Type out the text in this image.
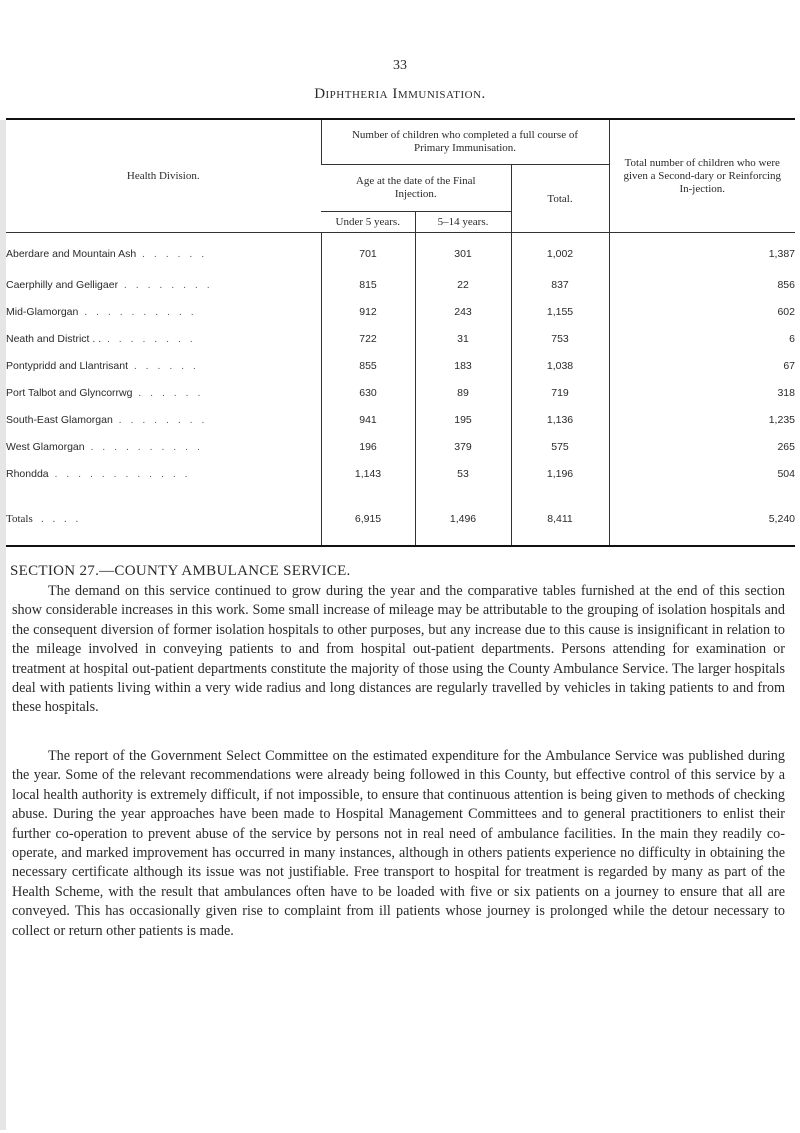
33
Diphtheria Immunisation.
Health Division.	Number of children who completed a full course of Primary Immunisation.			Total number of children who were given a Second-dary or Reinforcing In-jection.
	Age at the date of the Final Injection.		Total.	
	Under 5 years.	5–14 years.		
Aberdare and Mountain Ash . . . . . .	701	301	1,002	1,387
Caerphilly and Gelligaer . . . . . . . .	815	22	837	856
Mid-Glamorgan . . . . . . . . . .	912	243	1,155	602
Neath and District . . . . . . . . . .	722	31	753	6
Pontypridd and Llantrisant . . . . . .	855	183	1,038	67
Port Talbot and Glyncorrwg . . . . . .	630	89	719	318
South-East Glamorgan . . . . . . . .	941	195	1,136	1,235
West Glamorgan . . . . . . . . . .	196	379	575	265
Rhondda . . . . . . . . . . . .	1,143	53	1,196	504
Totals . . . .	6,915	1,496	8,411	5,240
SECTION 27.—COUNTY AMBULANCE SERVICE.

The demand on this service continued to grow during the year and the comparative tables furnished at the end of this section show considerable increases in this work. Some small increase of mileage may be attributable to the grouping of isolation hospitals and the consequent diversion of former isolation hospitals to other purposes, but any increase due to this cause is insignificant in relation to the mileage involved in conveying patients to and from hospital out-patient departments. Persons attending for examination or treatment at hospital out-patient departments constitute the majority of those using the County Ambulance Service. The larger hospitals deal with patients living within a very wide radius and long distances are regularly travelled by vehicles in taking patients to and from these hospitals.

The report of the Government Select Committee on the estimated expenditure for the Ambulance Service was published during the year. Some of the relevant recommendations were already being followed in this County, but effective control of this service by a local health authority is extremely difficult, if not impossible, to ensure that continuous attention is being given to methods of checking abuse. During the year approaches have been made to Hospital Management Committees and to general practitioners to enlist their further co-operation to prevent abuse of the service by persons not in real need of ambulance facilities. In the main they readily co-operate, and marked improvement has occurred in many instances, although in others patients experience no difficulty in obtaining the necessary certificate although its issue was not justifiable. Free transport to hospital for treatment is regarded by many as part of the Health Scheme, with the result that ambulances often have to be loaded with five or six patients on a journey to ensure that all are conveyed. This has occasionally given rise to complaint from ill patients whose journey is prolonged while the detour necessary to collect or return other patients is made.
